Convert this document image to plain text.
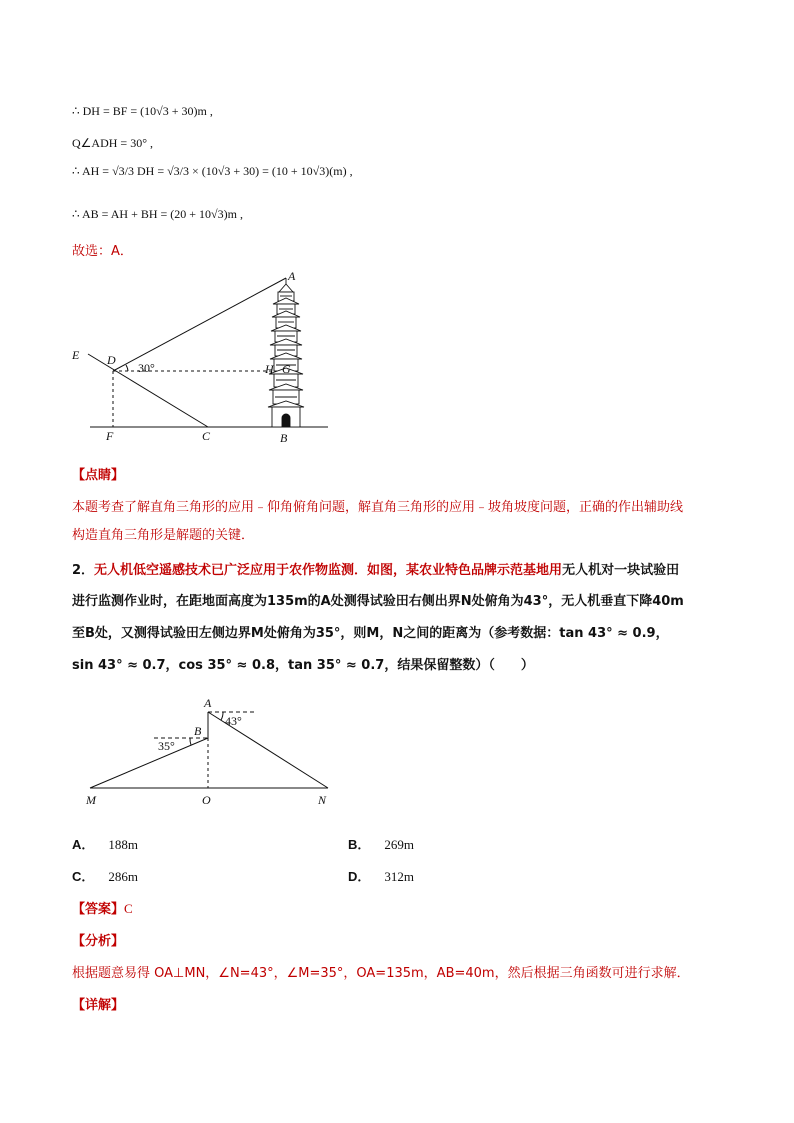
∴ DH = BF = (10√3 + 30)m ,
Q∠ADH = 30° ,
∴ AH = √3/3 DH = √3/3 × (10√3 + 30) = (10 + 10√3)(m) ,
∴ AB = AH + BH = (20 + 10√3)m ,
故选：A．
A
E D
30°	H G
F	C	B
【点睛】
本题考查了解直角三角形的应用﹣仰角俯角问题，解直角三角形的应用﹣坡角坡度问题，正确的作出辅助线
构造直角三角形是解题的关键．
2．无人机低空遥感技术已广泛应用于农作物监测．如图，某农业特色品牌示范基地用无人机对一块试验田
进行监测作业时，在距地面高度为135m的A处测得试验田右侧出界N处俯角为43°，无人机垂直下降40m
至B处，又测得试验田左侧边界M处俯角为35°，则M，N之间的距离为（参考数据：tan 43° ≈ 0.9，
sin 43° ≈ 0.7，cos 35° ≈ 0.8，tan 35° ≈ 0.7，结果保留整数）（　　）
A
B
43°
35°
M	O	N
A． 188m	B． 269m
C． 286m	D． 312m
【答案】C
【分析】
根据题意易得 OA⊥MN，∠N=43°，∠M=35°，OA=135m，AB=40m，然后根据三角函数可进行求解．
【详解】
